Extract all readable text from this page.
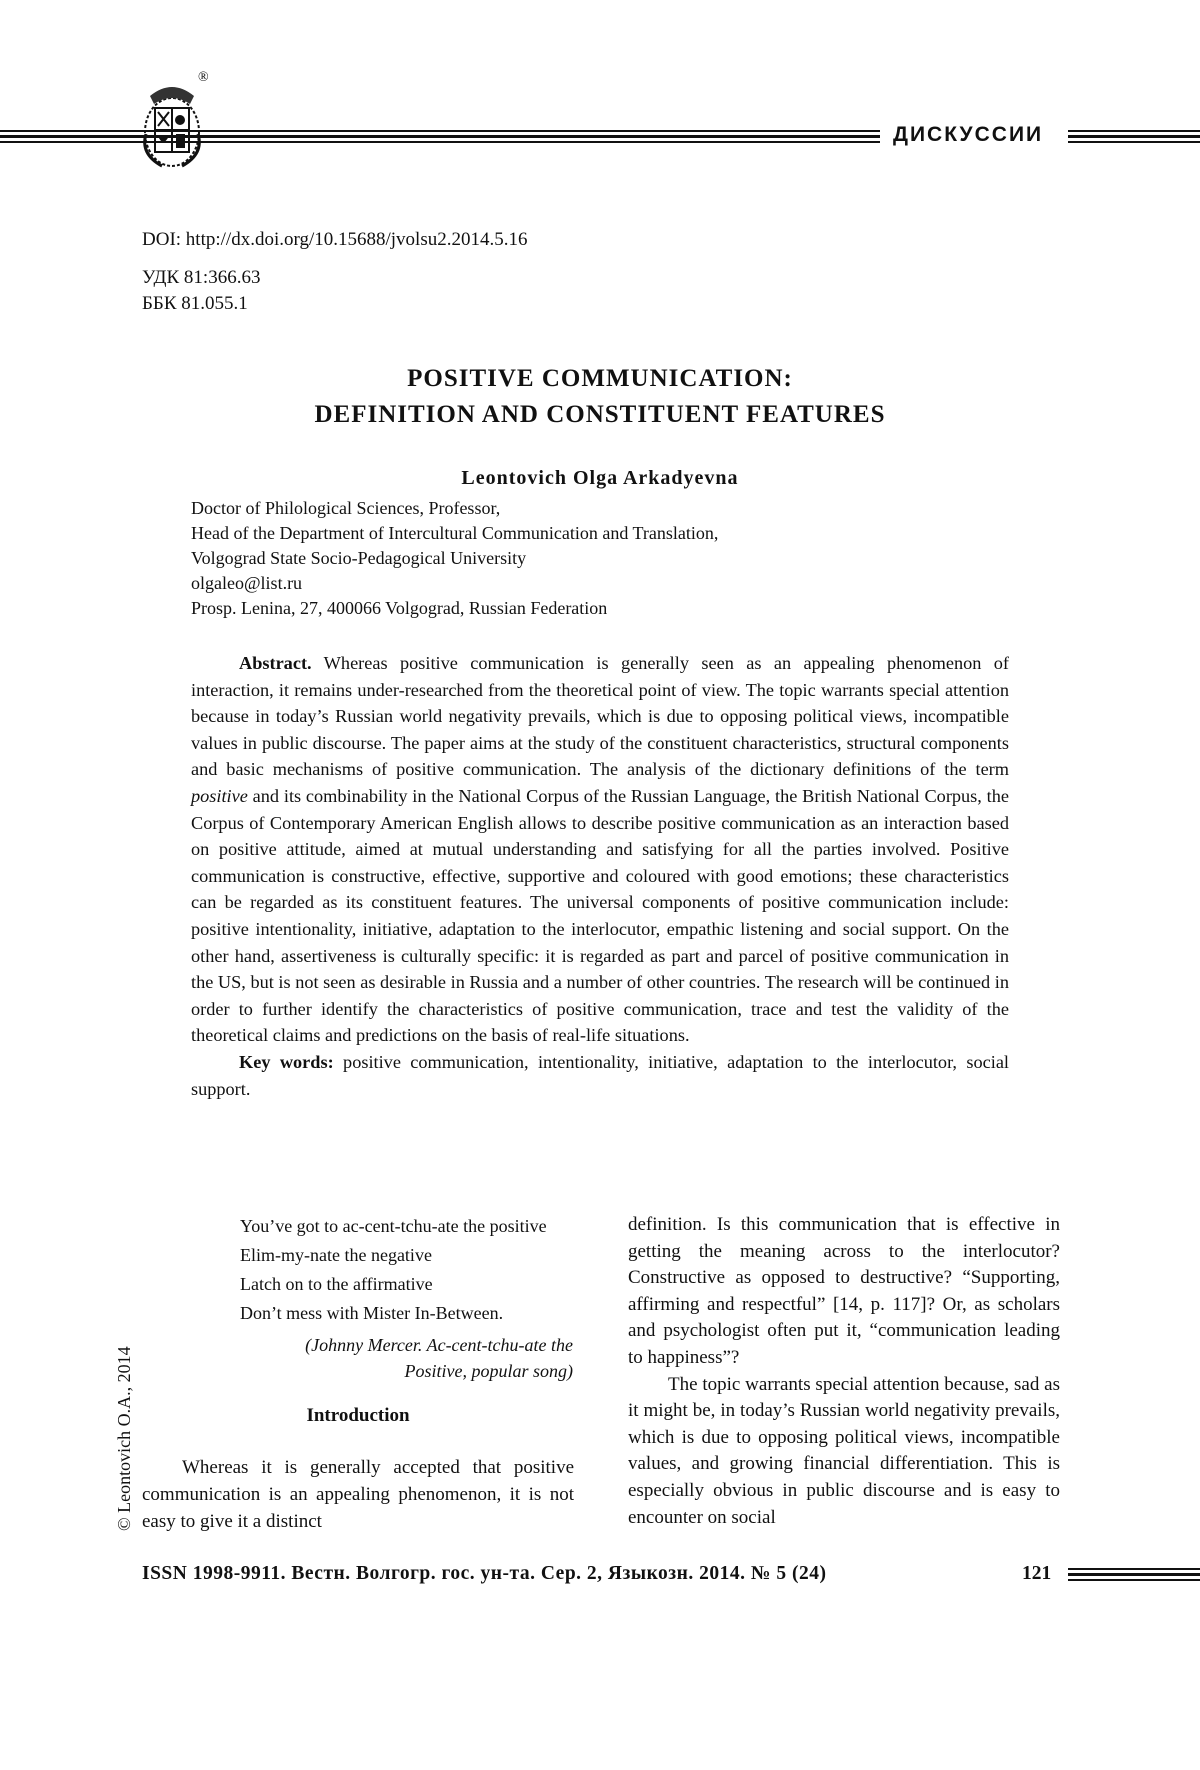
®
ДИСКУССИИ
DOI: http://dx.doi.org/10.15688/jvolsu2.2014.5.16
УДК 81:366.63
ББК 81.055.1
POSITIVE COMMUNICATION:
DEFINITION AND CONSTITUENT FEATURES
Leontovich Olga Arkadyevna
Doctor of Philological Sciences, Professor,
Head of the Department of Intercultural Communication and Translation,
Volgograd State Socio-Pedagogical University
olgaleo@list.ru
Prosp. Lenina, 27, 400066 Volgograd, Russian Federation

Abstract. Whereas positive communication is generally seen as an appealing phenomenon of interaction, it remains under-researched from the theoretical point of view. The topic warrants special attention because in today’s Russian world negativity prevails, which is due to opposing political views, incompatible values in public discourse. The paper aims at the study of the constituent characteristics, structural components and basic mechanisms of positive communication. The analysis of the dictionary definitions of the term positive and its combinability in the National Corpus of the Russian Language, the British National Corpus, the Corpus of Contemporary American English allows to describe positive communication as an interaction based on positive attitude, aimed at mutual understanding and satisfying for all the parties involved. Positive communication is constructive, effective, supportive and coloured with good emotions; these characteristics can be regarded as its constituent features. The universal components of positive communication include: positive intentionality, initiative, adaptation to the interlocutor, empathic listening and social support. On the other hand, assertiveness is culturally specific: it is regarded as part and parcel of positive communication in the US, but is not seen as desirable in Russia and a number of other countries. The research will be continued in order to further identify the characteristics of positive communication, trace and test the validity of the theoretical claims and predictions on the basis of real-life situations.

Key words: positive communication, intentionality, initiative, adaptation to the interlocutor, social support.

You’ve got to ac-cent-tchu-ate the positive
Elim-my-nate the negative
Latch on to the affirmative
Don’t mess with Mister In-Between.
(Johnny Mercer. Ac-cent-tchu-ate the
Positive, popular song)
Introduction

Whereas it is generally accepted that positive communication is an appealing phenomenon, it is not easy to give it a distinct

definition. Is this communication that is effective in getting the meaning across to the interlocutor? Constructive as opposed to destructive? “Supporting, affirming and respectful” [14, p. 117]? Or, as scholars and psychologist often put it, “communication leading to happiness”?

The topic warrants special attention because, sad as it might be, in today’s Russian world negativity prevails, which is due to opposing political views, incompatible values, and growing financial differentiation. This is especially obvious in public discourse and is easy to encounter on social

© Leontovich O.A., 2014
ISSN 1998-9911. Вестн. Волгогр. гос. ун-та. Сер. 2, Языкозн. 2014. № 5 (24)	121
